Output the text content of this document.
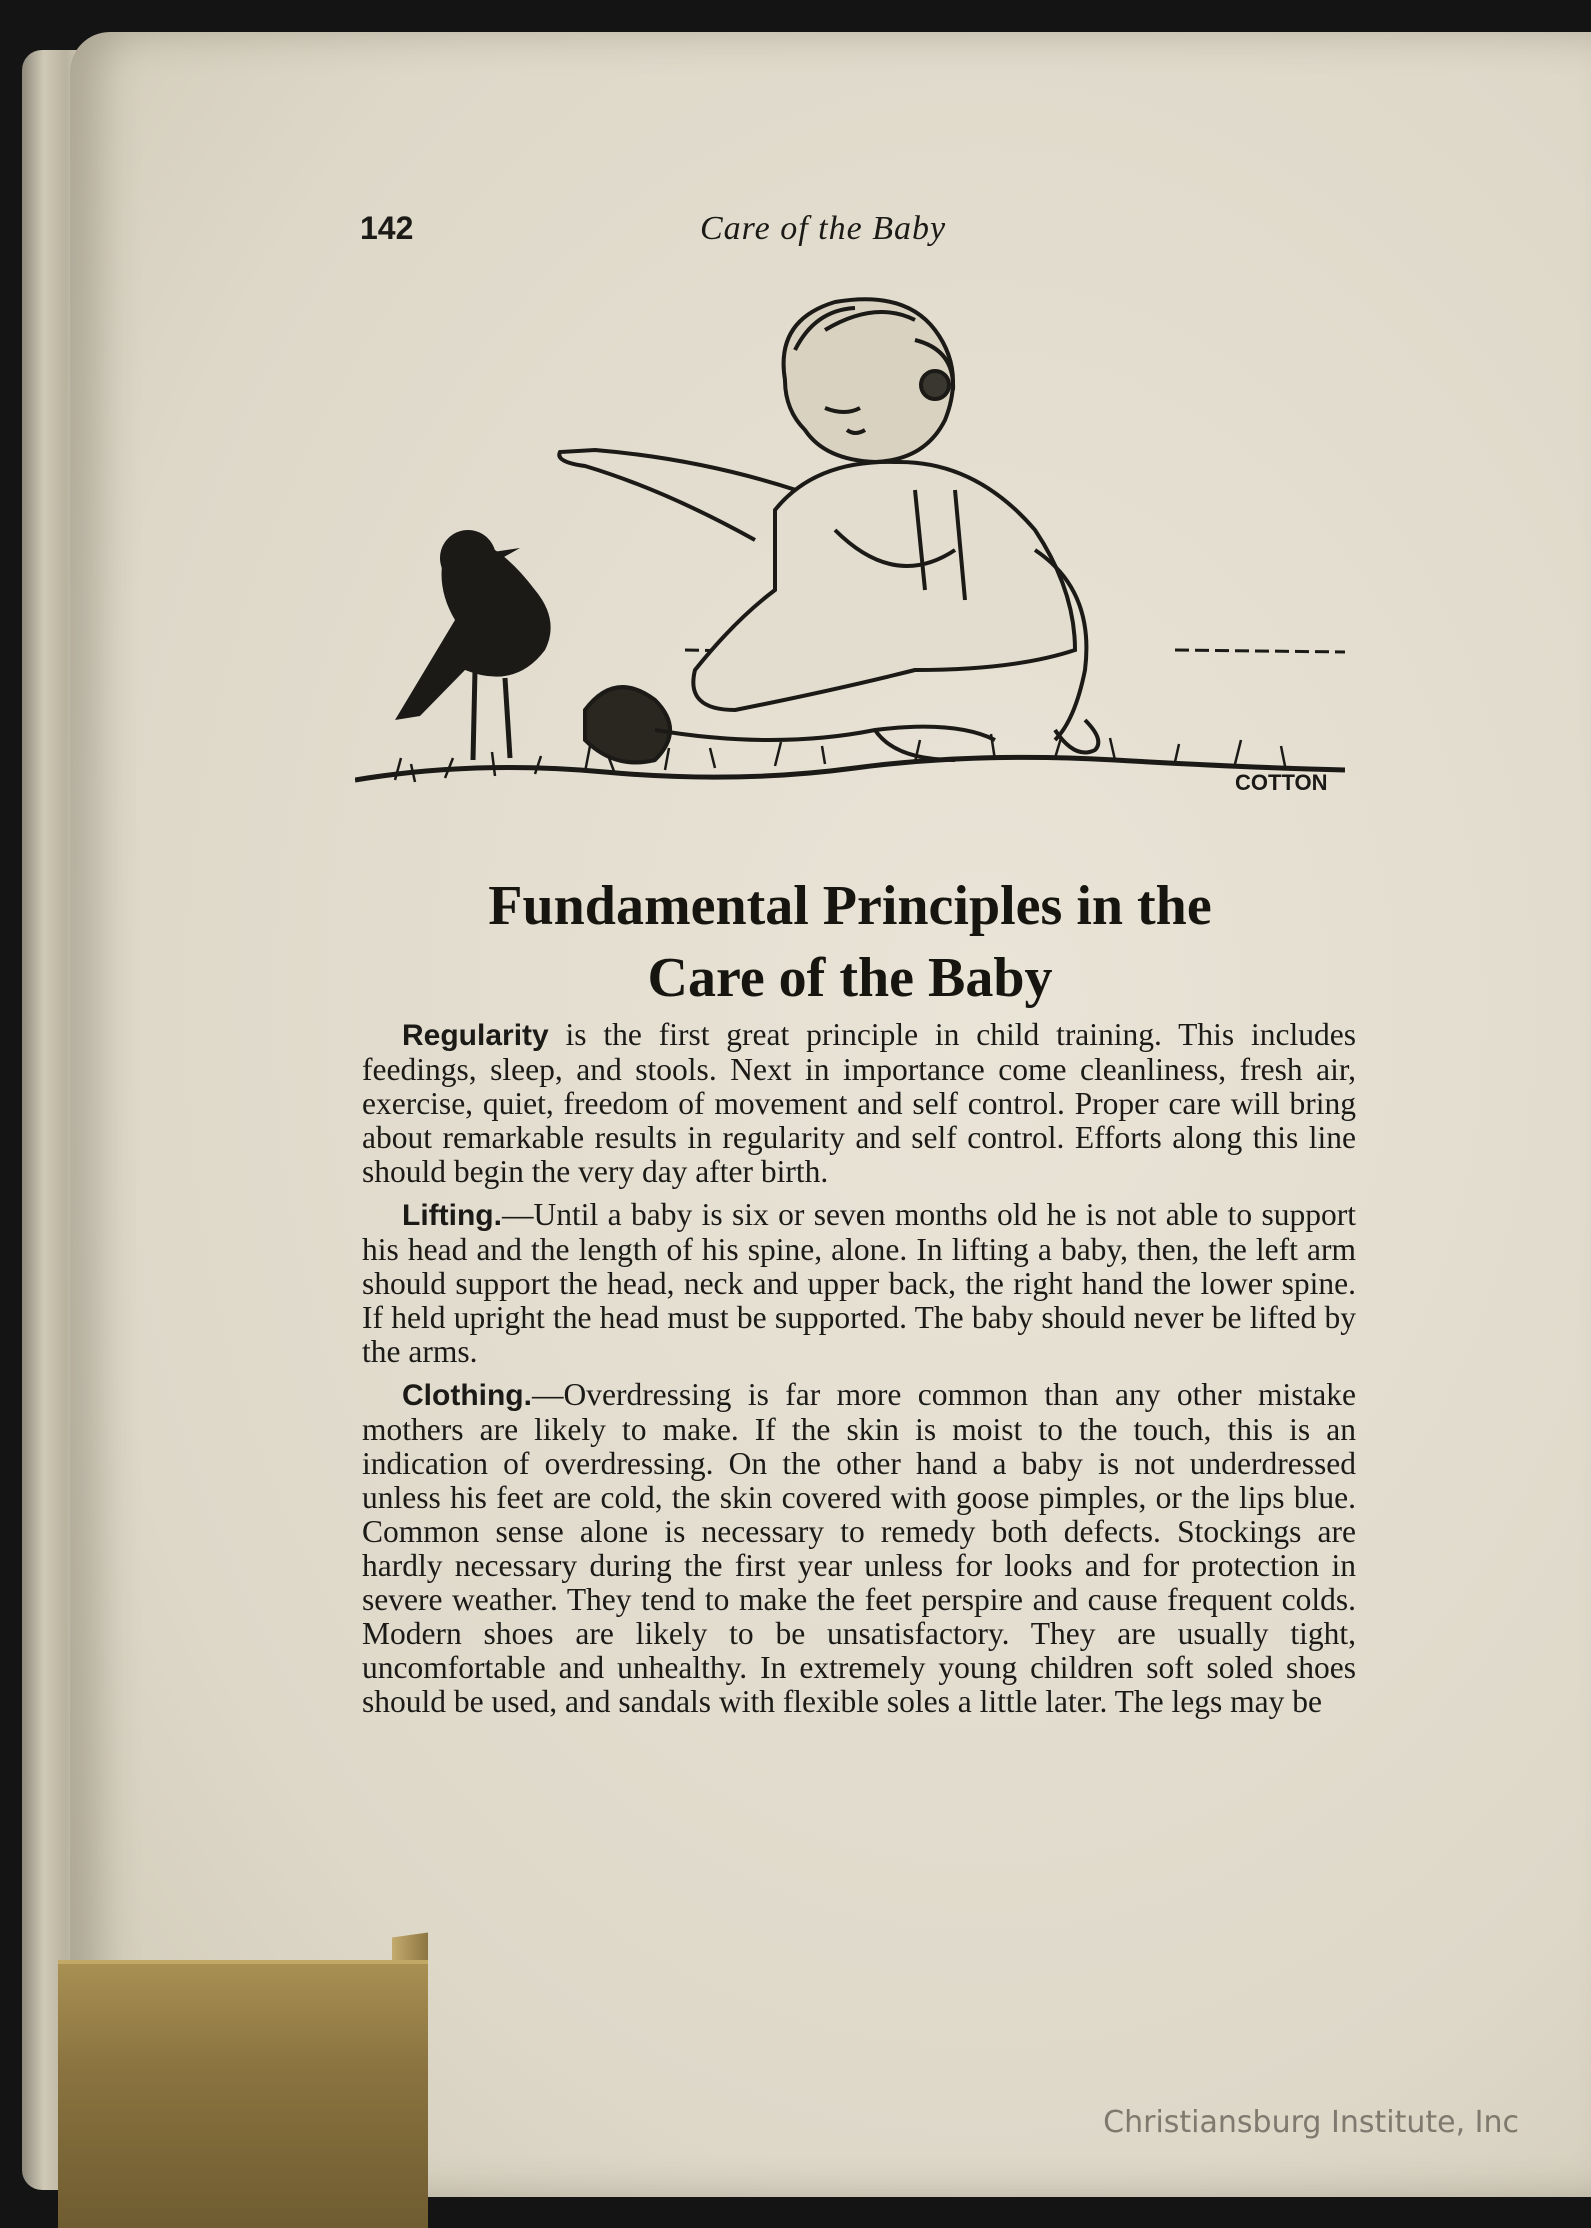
142	Care of the Baby
COTTON
Fundamental Principles in the
Care of the Baby

Regularity is the first great principle in child training. This includes feedings, sleep, and stools. Next in importance come cleanliness, fresh air, exercise, quiet, freedom of movement and self control. Proper care will bring about remarkable results in regularity and self control. Efforts along this line should begin the very day after birth.

Lifting.—Until a baby is six or seven months old he is not able to support his head and the length of his spine, alone. In lifting a baby, then, the left arm should support the head, neck and upper back, the right hand the lower spine. If held upright the head must be supported. The baby should never be lifted by the arms.

Clothing.—Overdressing is far more common than any other mistake mothers are likely to make. If the skin is moist to the touch, this is an indication of overdressing. On the other hand a baby is not underdressed unless his feet are cold, the skin covered with goose pimples, or the lips blue. Common sense alone is necessary to remedy both defects. Stockings are hardly necessary during the first year unless for looks and for protection in severe weather. They tend to make the feet perspire and cause frequent colds. Modern shoes are likely to be unsatisfactory. They are usually tight, uncomfortable and unhealthy. In extremely young children soft soled shoes should be used, and sandals with flexible soles a little later. The legs may be

Christiansburg Institute, Inc
